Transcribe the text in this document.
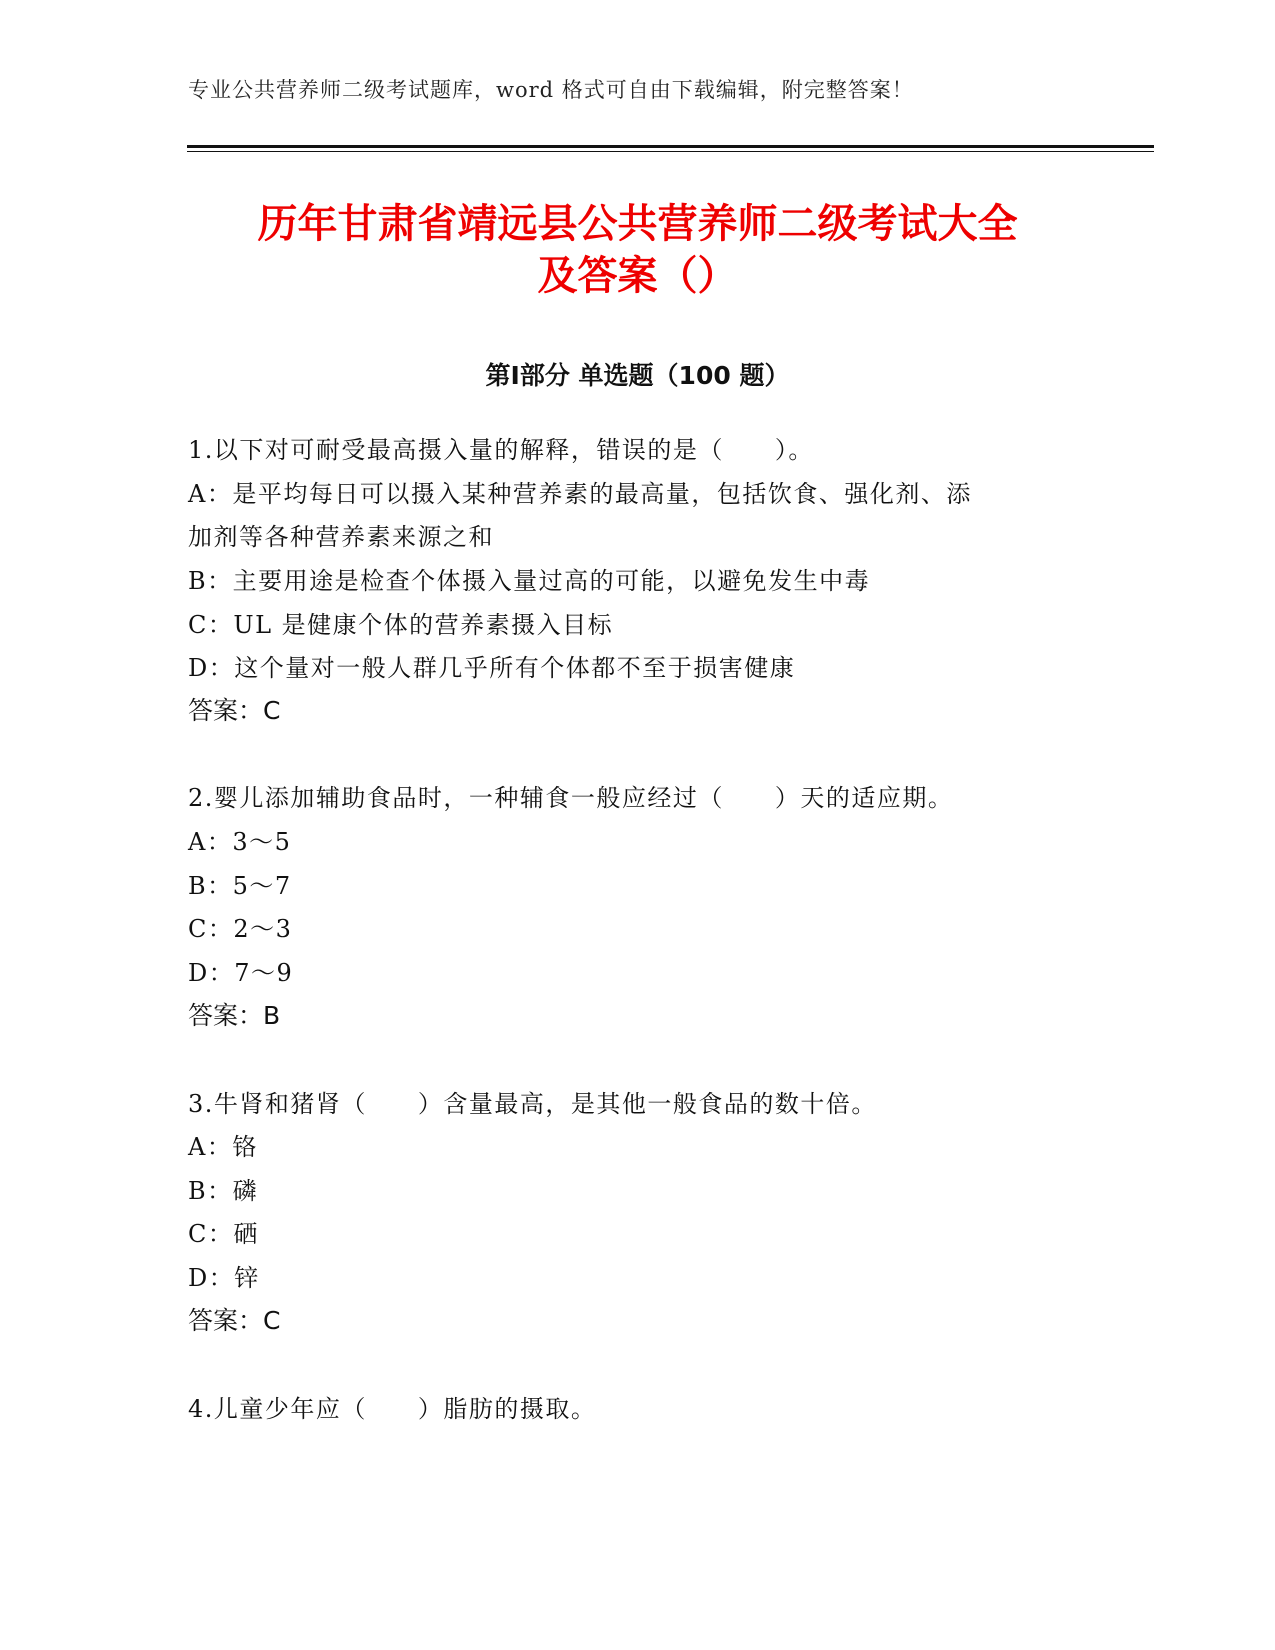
专业公共营养师二级考试题库，word 格式可自由下载编辑，附完整答案！
历年甘肃省靖远县公共营养师二级考试大全
及答案（）
第Ⅰ部分 单选题（100 题）
1.以下对可耐受最高摄入量的解释，错误的是（　　）。
A：是平均每日可以摄入某种营养素的最高量，包括饮食、强化剂、添
加剂等各种营养素来源之和
B：主要用途是检查个体摄入量过高的可能，以避免发生中毒
C：UL 是健康个体的营养素摄入目标
D：这个量对一般人群几乎所有个体都不至于损害健康
答案：C
2.婴儿添加辅助食品时，一种辅食一般应经过（　　）天的适应期。
A：3～5
B：5～7
C：2～3
D：7～9
答案：B
3.牛肾和猪肾（　　）含量最高，是其他一般食品的数十倍。
A：铬
B：磷
C：硒
D：锌
答案：C
4.儿童少年应（　　）脂肪的摄取。
